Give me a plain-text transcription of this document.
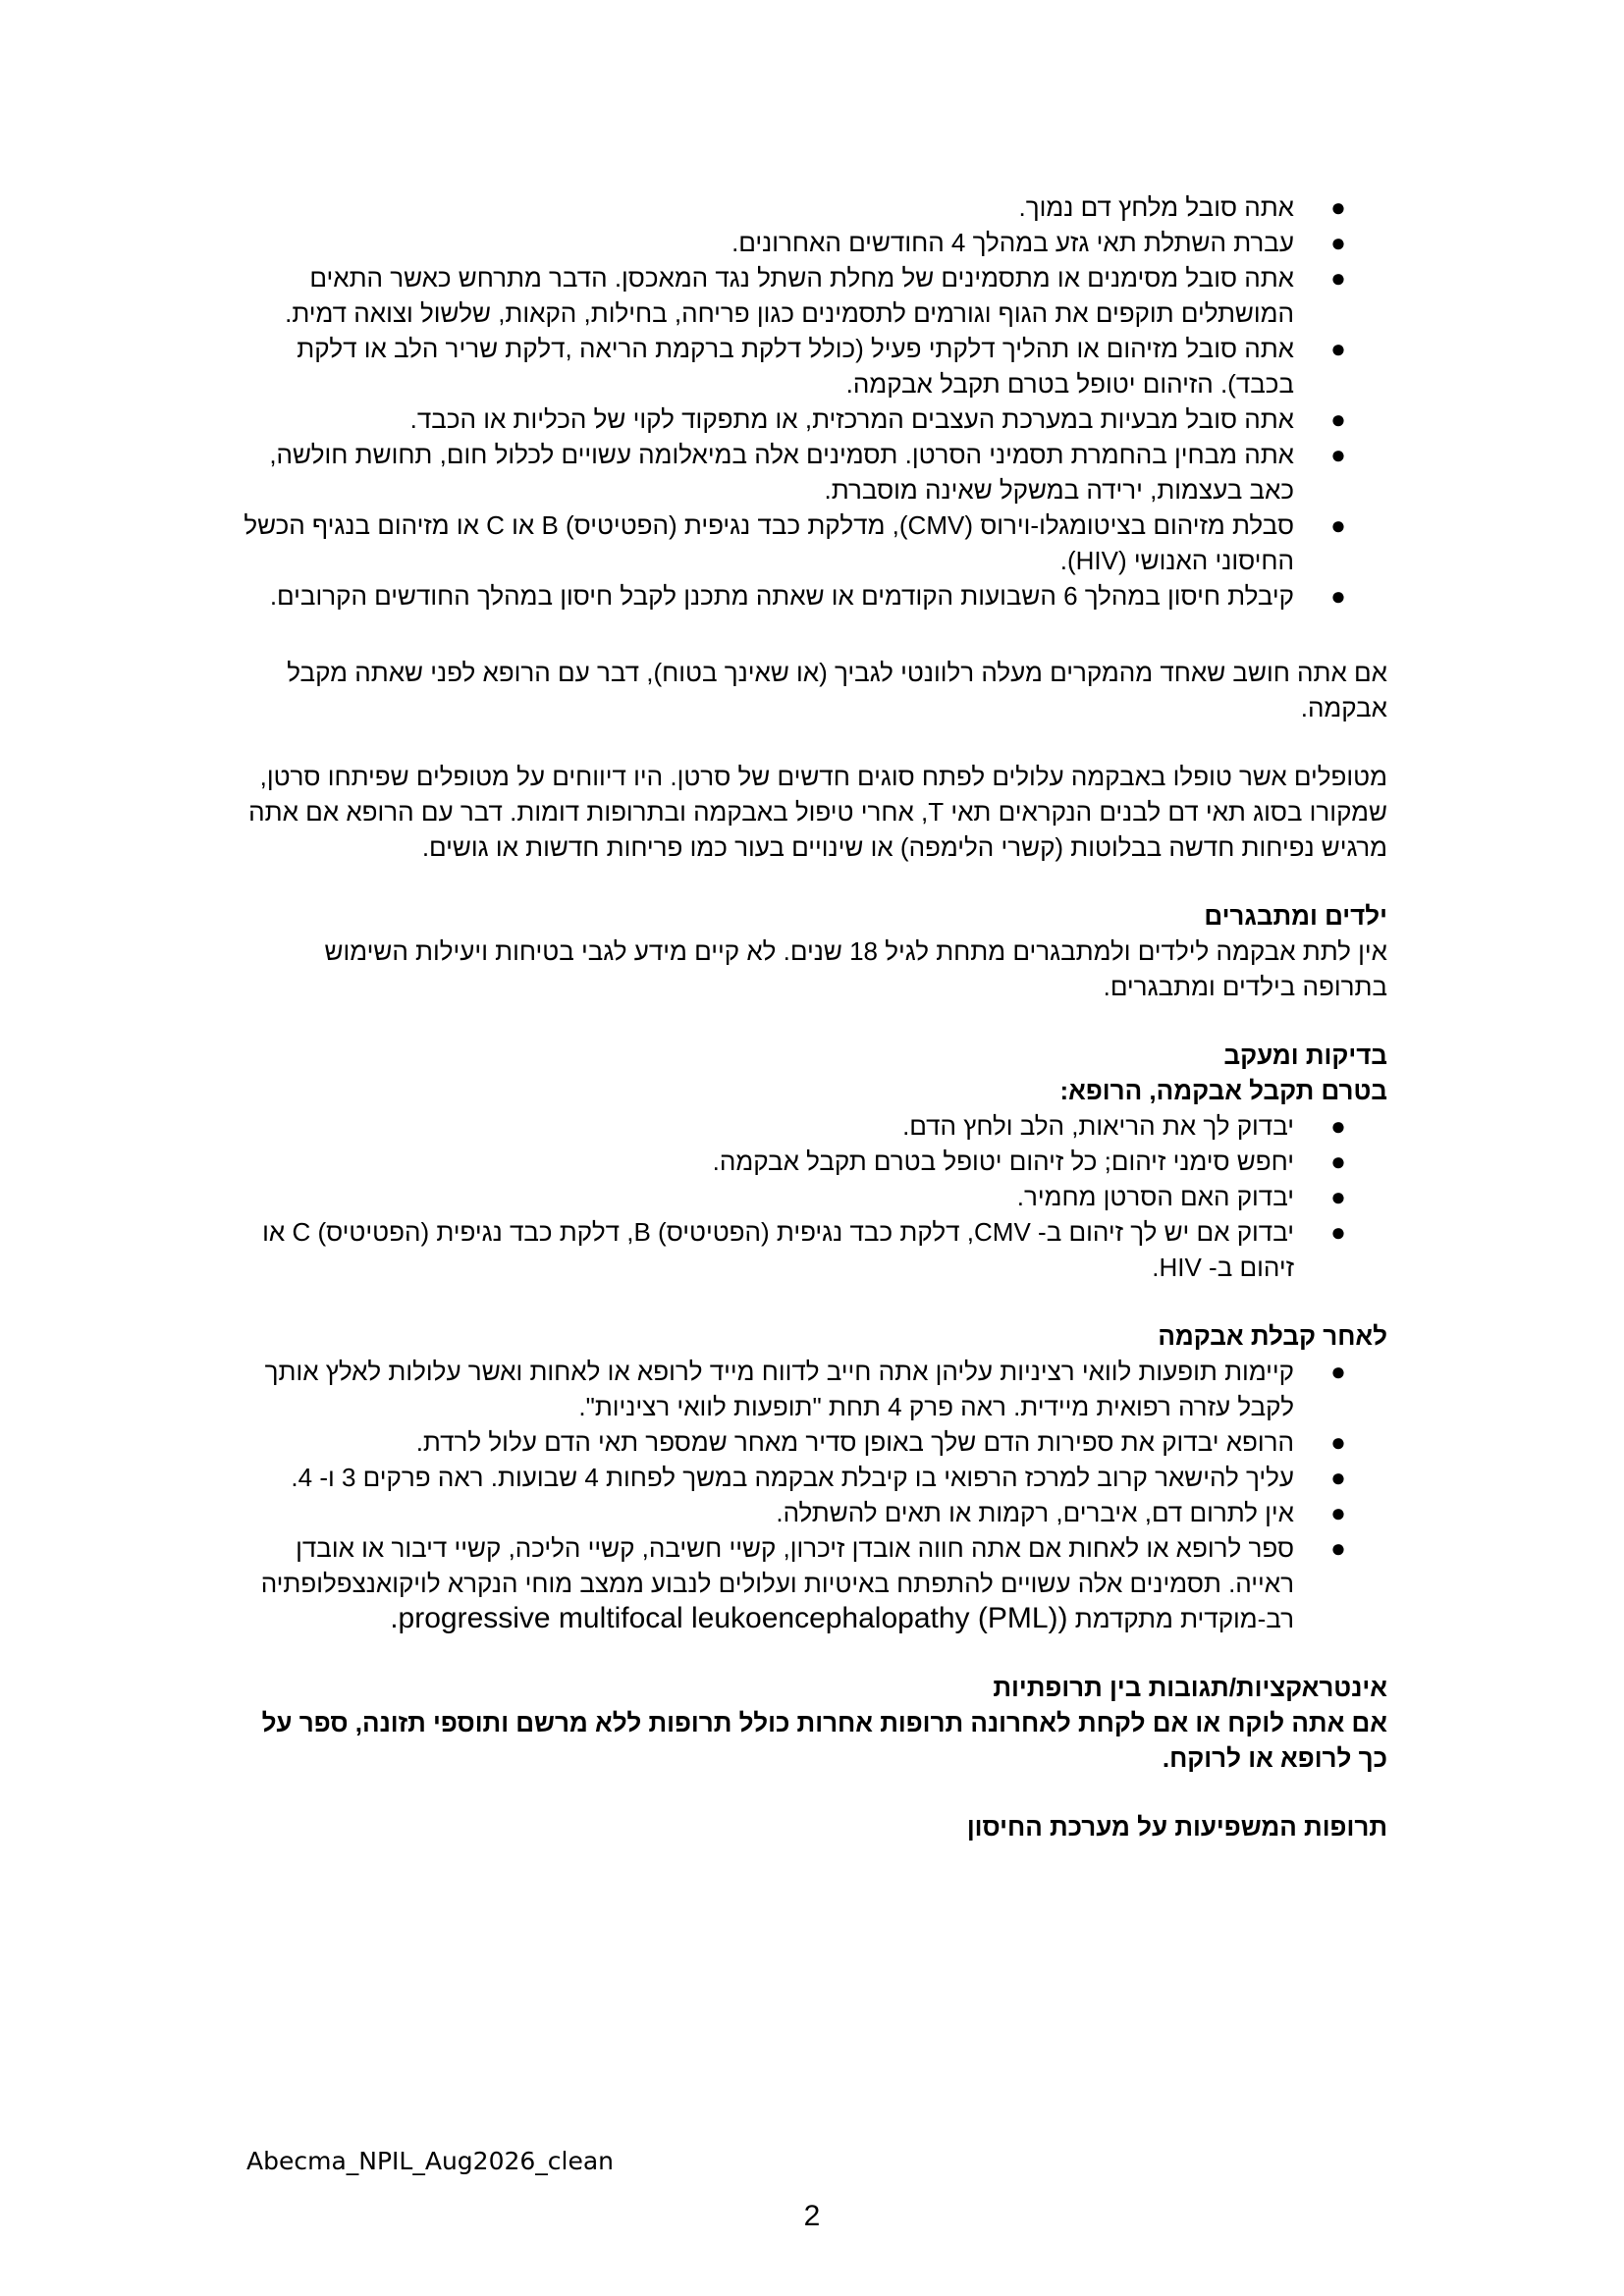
●
אתה סובל מלחץ דם נמוך.
●
עברת השתלת תאי גזע במהלך 4 החודשים האחרונים.
●
אתה סובל מסימנים או מתסמינים של מחלת השתל נגד המאכסן. הדבר מתרחש כאשר התאים המושתלים תוקפים את הגוף וגורמים לתסמינים כגון פריחה, בחילות, הקאות, שלשול וצואה דמית.
●
אתה סובל מזיהום או תהליך דלקתי פעיל (כולל דלקת ברקמת הריאה ,דלקת שריר הלב או דלקת בכבד). הזיהום יטופל בטרם תקבל אבקמה.
●
אתה סובל מבעיות במערכת העצבים המרכזית, או מתפקוד לקוי של הכליות או הכבד.
●
אתה מבחין בהחמרת תסמיני הסרטן. תסמינים אלה במיאלומה עשויים לכלול חום, תחושת חולשה, כאב בעצמות, ירידה במשקל שאינה מוסברת.
●
סבלת מזיהום בציטומגלו-וירוס (CMV), מדלקת כבד נגיפית (הפטיטיס) B או C או מזיהום בנגיף הכשל החיסוני האנושי (HIV).
●
קיבלת חיסון במהלך 6 השבועות הקודמים או שאתה מתכנן לקבל חיסון במהלך החודשים הקרובים.

אם אתה חושב שאחד מהמקרים מעלה רלוונטי לגביך (או שאינך בטוח), דבר עם הרופא לפני שאתה מקבל אבקמה.

מטופלים אשר טופלו באבקמה עלולים לפתח סוגים חדשים של סרטן. היו דיווחים על מטופלים שפיתחו סרטן, שמקורו בסוג תאי דם לבנים הנקראים תאי T, אחרי טיפול באבקמה ובתרופות דומות. דבר עם הרופא אם אתה מרגיש נפיחות חדשה בבלוטות (קשרי הלימפה) או שינויים בעור כמו פריחות חדשות או גושים.

ילדים ומתבגרים

אין לתת אבקמה לילדים ולמתבגרים מתחת לגיל 18 שנים. לא קיים מידע לגבי בטיחות ויעילות השימוש בתרופה בילדים ומתבגרים.

בדיקות ומעקב

בטרם תקבל אבקמה, הרופא:

●
יבדוק לך את הריאות, הלב ולחץ הדם.
●
יחפש סימני זיהום; כל זיהום יטופל בטרם תקבל אבקמה.
●
יבדוק האם הסרטן מחמיר.
●
יבדוק אם יש לך זיהום ב- CMV, דלקת כבד נגיפית (הפטיטיס) B, דלקת כבד נגיפית (הפטיטיס) C או זיהום ב- HIV.

לאחר קבלת אבקמה

●
קיימות תופעות לוואי רציניות עליהן אתה חייב לדווח מייד לרופא או לאחות ואשר עלולות לאלץ אותך לקבל עזרה רפואית מיידית. ראה פרק 4 תחת "תופעות לוואי רציניות".
●
הרופא יבדוק את ספירות הדם שלך באופן סדיר מאחר שמספר תאי הדם עלול לרדת.
●
עליך להישאר קרוב למרכז הרפואי בו קיבלת אבקמה במשך לפחות 4 שבועות. ראה פרקים 3 ו- 4.
●
אין לתרום דם, איברים, רקמות או תאים להשתלה.
●
ספר לרופא או לאחות אם אתה חווה אובדן זיכרון, קשיי חשיבה, קשיי הליכה, קשיי דיבור או אובדן ראייה. תסמינים אלה עשויים להתפתח באיטיות ועלולים לנבוע ממצב מוחי הנקרא לויקואנצפלופתיה רב-מוקדית מתקדמת (progressive multifocal leukoencephalopathy (PML).

אינטראקציות/תגובות בין תרופתיות

אם אתה לוקח או אם לקחת לאחרונה תרופות אחרות כולל תרופות ללא מרשם ותוספי תזונה, ספר על כך לרופא או לרוקח.

תרופות המשפיעות על מערכת החיסון

Abecma_NPIL_Aug2026_clean
2
